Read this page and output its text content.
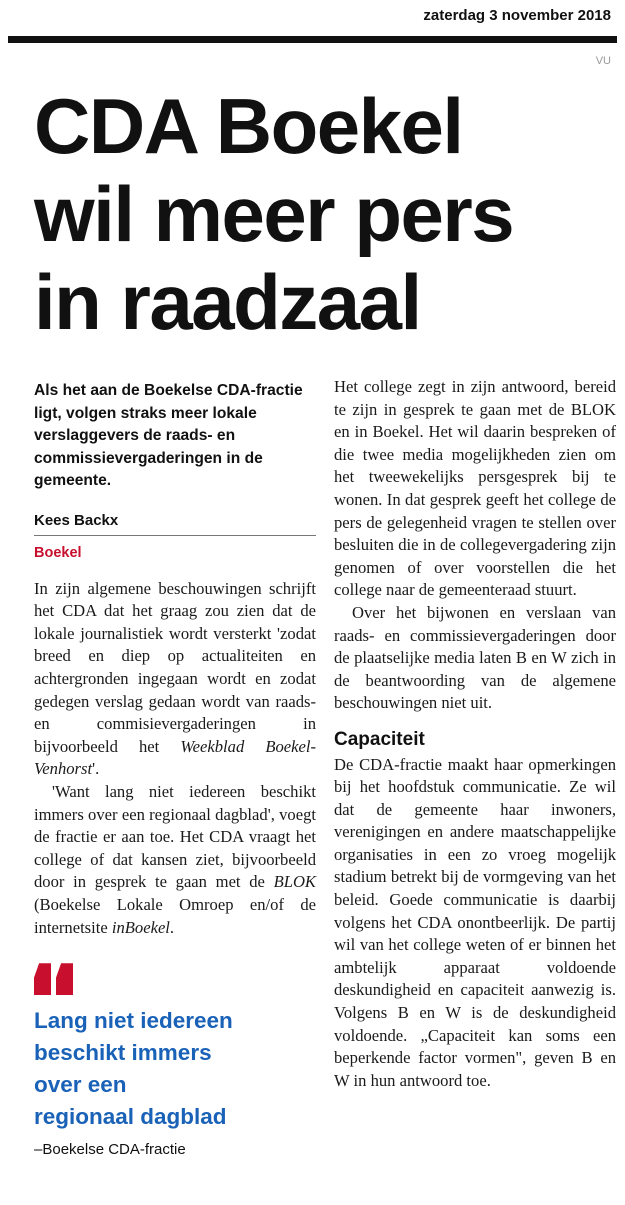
zaterdag 3 november 2018
VU
CDA Boekel
wil meer pers
in raadzaal

Als het aan de Boekelse CDA-fractie ligt, volgen straks meer lokale verslaggevers de raads- en commissievergaderingen in de gemeente.

Kees Backx
Boekel

In zijn algemene beschouwingen schrijft het CDA dat het graag zou zien dat de lokale journalistiek wordt versterkt 'zodat breed en diep op actualiteiten en achtergronden ingegaan wordt en zodat gedegen verslag gedaan wordt van raads- en commisievergaderingen in bijvoorbeeld het Weekblad Boekel-Venhorst'.

'Want lang niet iedereen beschikt immers over een regionaal dagblad', voegt de fractie er aan toe. Het CDA vraagt het college of dat kansen ziet, bijvoorbeeld door in gesprek te gaan met de BLOK (Boekelse Lokale Omroep en/of de internetsite inBoekel.

Lang niet iedereen
beschikt immers
over een
regionaal dagblad

–Boekelse CDA-fractie

Het college zegt in zijn antwoord, bereid te zijn in gesprek te gaan met de BLOK en in Boekel. Het wil daarin bespreken of die twee media mogelijkheden zien om het tweewekelijks persgesprek bij te wonen. In dat gesprek geeft het college de pers de gelegenheid vragen te stellen over besluiten die in de collegevergadering zijn genomen of over voorstellen die het college naar de gemeenteraad stuurt.

Over het bijwonen en verslaan van raads- en commissievergaderingen door de plaatselijke media laten B en W zich in de beantwoording van de algemene beschouwingen niet uit.

Capaciteit

De CDA-fractie maakt haar opmerkingen bij het hoofdstuk communicatie. Ze wil dat de gemeente haar inwoners, verenigingen en andere maatschappelijke organisaties in een zo vroeg mogelijk stadium betrekt bij de vormgeving van het beleid. Goede communicatie is daarbij volgens het CDA onontbeerlijk. De partij wil van het college weten of er binnen het ambtelijk apparaat voldoende deskundigheid en capaciteit aanwezig is. Volgens B en W is de deskundigheid voldoende. „Capaciteit kan soms een beperkende factor vormen", geven B en W in hun antwoord toe.
